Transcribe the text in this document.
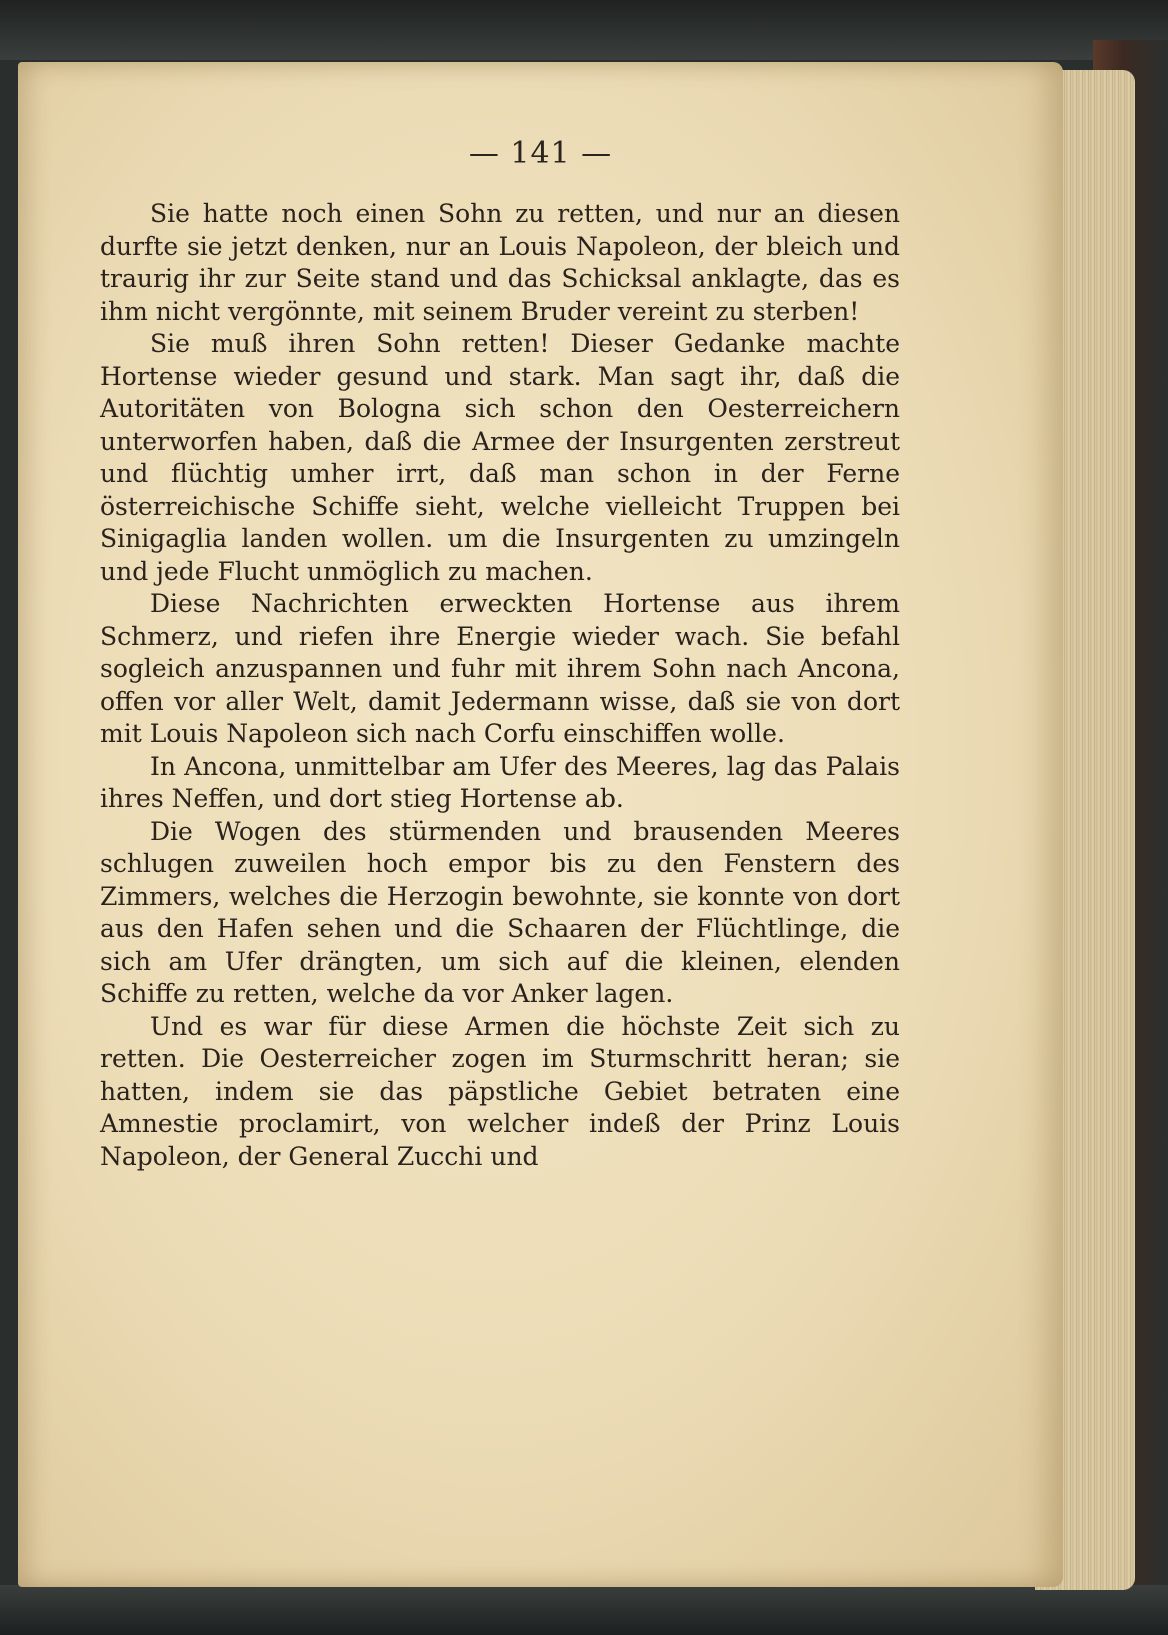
— 141 —

Sie hatte noch einen Sohn zu retten, und nur an diesen durfte sie jetzt denken, nur an Louis Napoleon, der bleich und traurig ihr zur Seite stand und das Schicksal anklagte, das es ihm nicht vergönnte, mit seinem Bruder vereint zu sterben!

Sie muß ihren Sohn retten! Dieser Gedanke machte Hortense wieder gesund und stark. Man sagt ihr, daß die Autoritäten von Bologna sich schon den Oesterreichern unterworfen haben, daß die Armee der Insurgenten zerstreut und flüchtig umher irrt, daß man schon in der Ferne österreichische Schiffe sieht, welche vielleicht Truppen bei Sinigaglia landen wollen. um die Insurgenten zu umzingeln und jede Flucht unmöglich zu machen.

Diese Nachrichten erweckten Hortense aus ihrem Schmerz, und riefen ihre Energie wieder wach. Sie befahl sogleich anzuspannen und fuhr mit ihrem Sohn nach Ancona, offen vor aller Welt, damit Jedermann wisse, daß sie von dort mit Louis Napoleon sich nach Corfu einschiffen wolle.

In Ancona, unmittelbar am Ufer des Meeres, lag das Palais ihres Neffen, und dort stieg Hortense ab.

Die Wogen des stürmenden und brausenden Meeres schlugen zuweilen hoch empor bis zu den Fenstern des Zimmers, welches die Herzogin bewohnte, sie konnte von dort aus den Hafen sehen und die Schaaren der Flüchtlinge, die sich am Ufer drängten, um sich auf die kleinen, elenden Schiffe zu retten, welche da vor Anker lagen.

Und es war für diese Armen die höchste Zeit sich zu retten. Die Oesterreicher zogen im Sturmschritt heran; sie hatten, indem sie das päpstliche Gebiet betraten eine Amnestie proclamirt, von welcher indeß der Prinz Louis Napoleon, der General Zucchi und
